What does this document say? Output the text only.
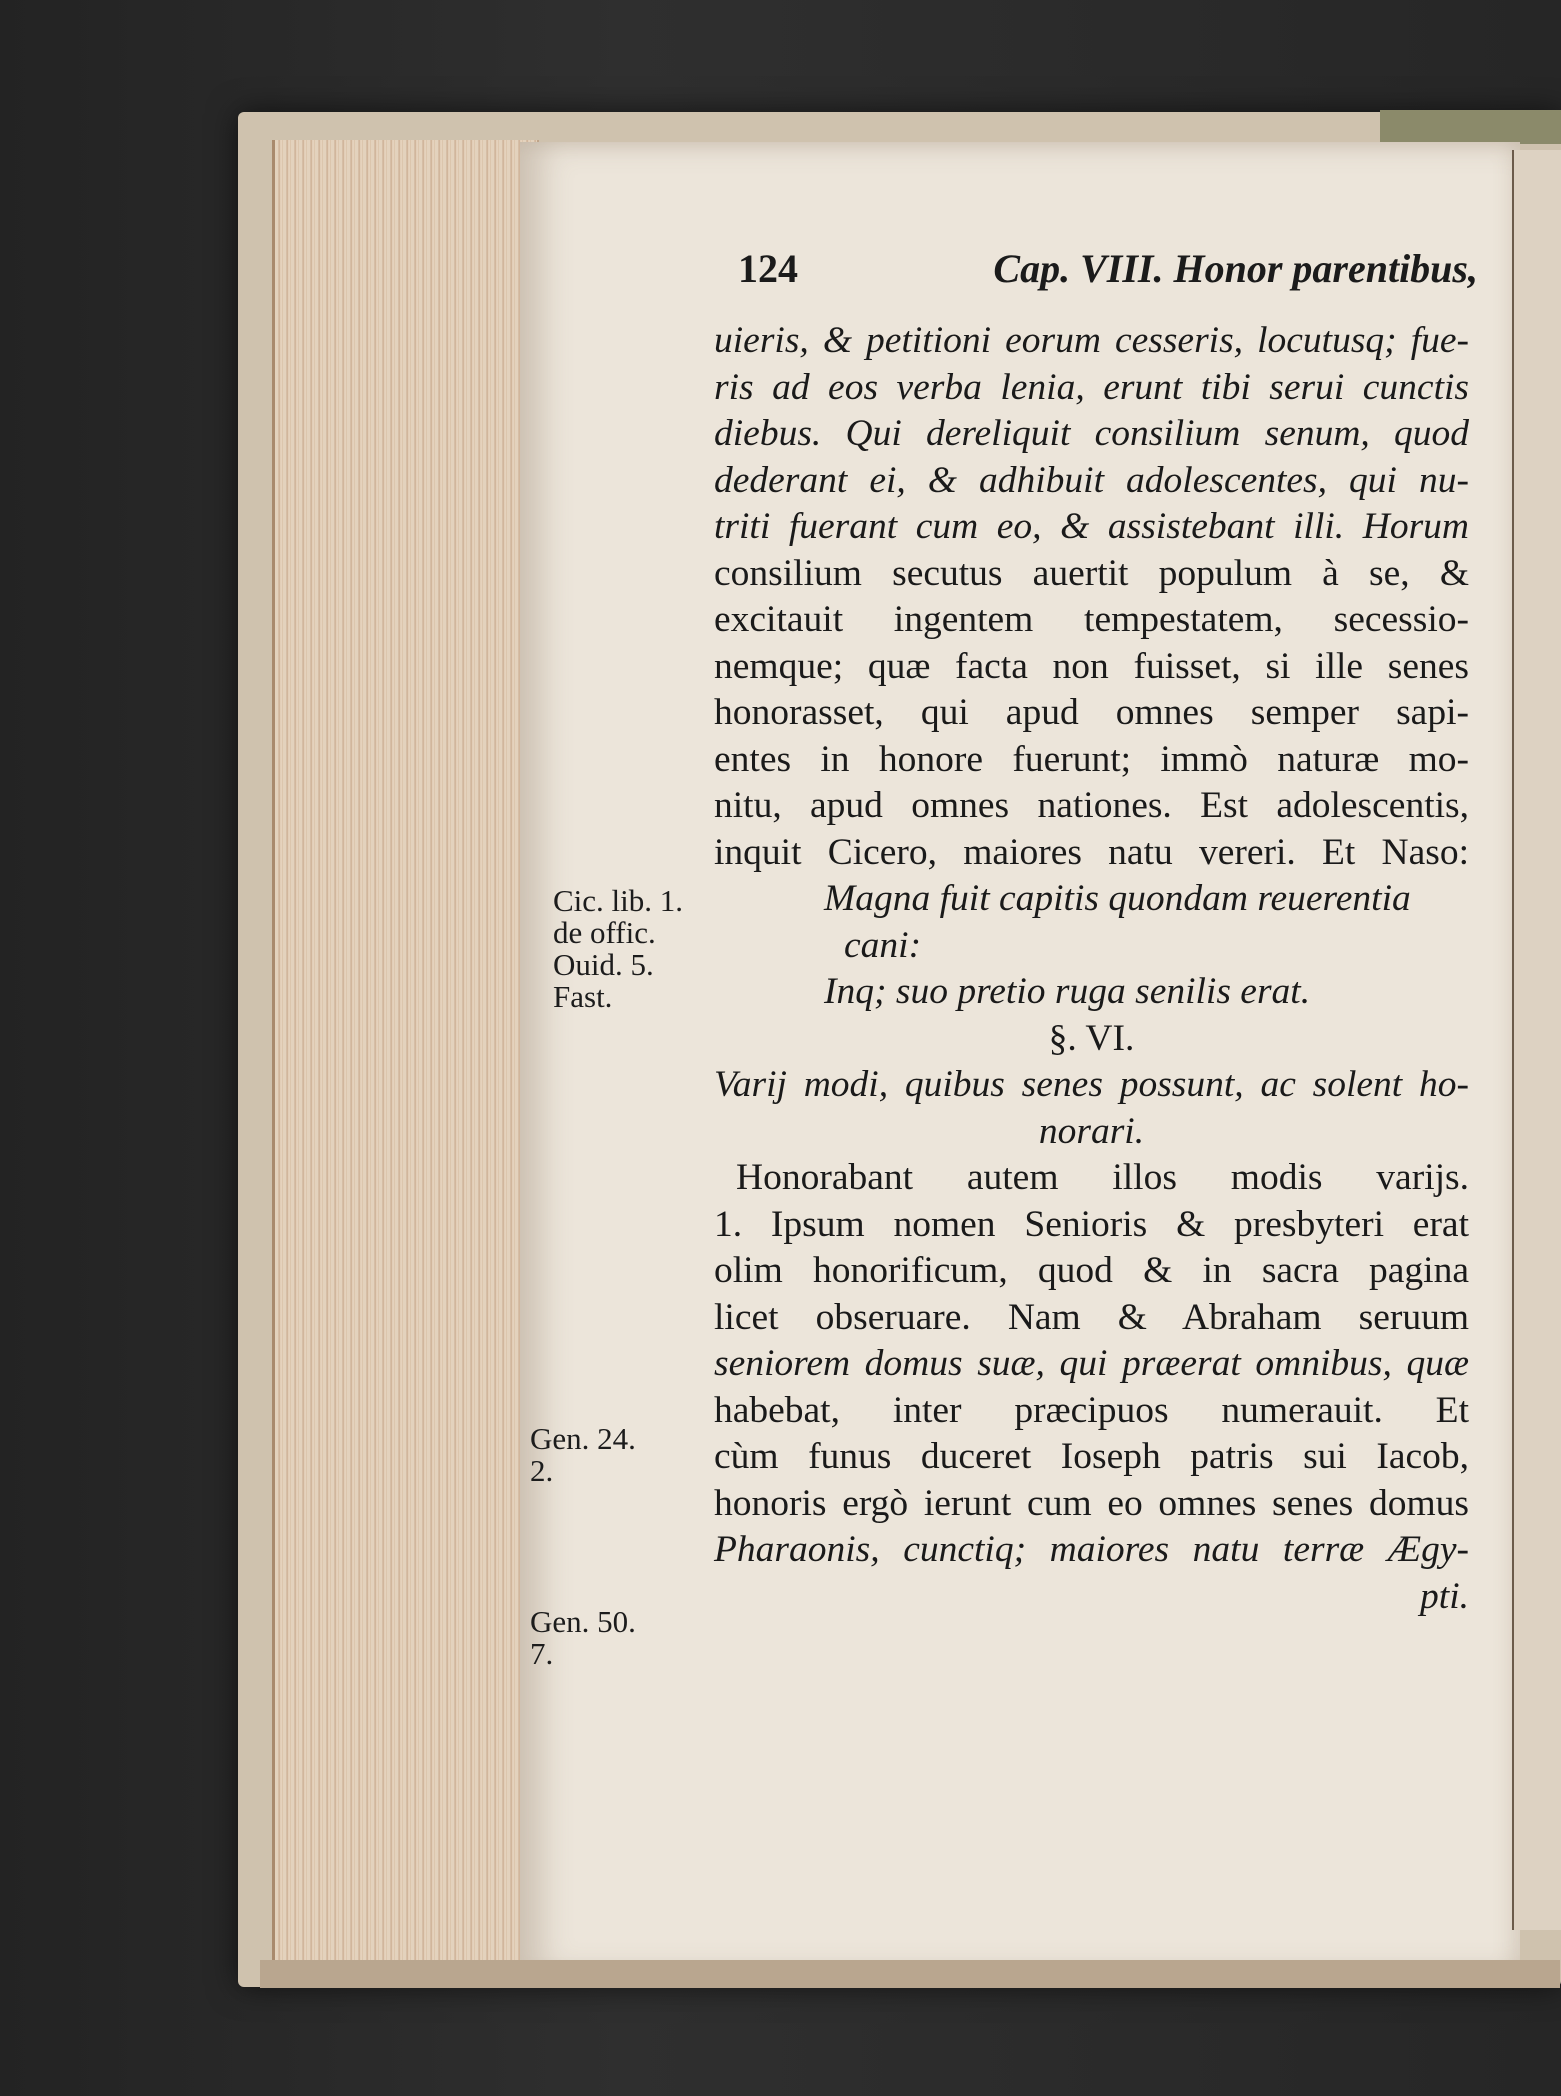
124	Cap. VIII. Honor parentibus,
uieris, & petitioni eorum cesseris, locutusq; fue-
ris ad eos verba lenia, erunt tibi serui cunctis
diebus. Qui dereliquit consilium senum, quod
dederant ei, & adhibuit adolescentes, qui nu-
triti fuerant cum eo, & assistebant illi. Horum
consilium secutus auertit populum à se, &
excitauit ingentem tempestatem, secessio-
nemque; quæ facta non fuisset, si ille senes
honorasset, qui apud omnes semper sapi-
entes in honore fuerunt; immò naturæ mo-
nitu, apud omnes nationes. Est adolescentis,
inquit Cicero, maiores natu vereri. Et Naso:
Magna fuit capitis quondam reuerentia
cani:
Inq; suo pretio ruga senilis erat.
§. VI.
Varij modi, quibus senes possunt, ac solent ho-
norari.
Honorabant autem illos modis varijs.
1. Ipsum nomen Senioris & presbyteri erat
olim honorificum, quod & in sacra pagina
licet obseruare. Nam & Abraham seruum
seniorem domus suæ, qui præerat omnibus, quæ
habebat, inter præcipuos numerauit. Et
cùm funus duceret Ioseph patris sui Iacob,
honoris ergò ierunt cum eo omnes senes domus
Pharaonis, cunctiq; maiores natu terræ Ægy-
pti.
Cic. lib. 1.
de offic.
Ouid. 5.
Fast.
Gen. 24.
2.
Gen. 50.
7.
